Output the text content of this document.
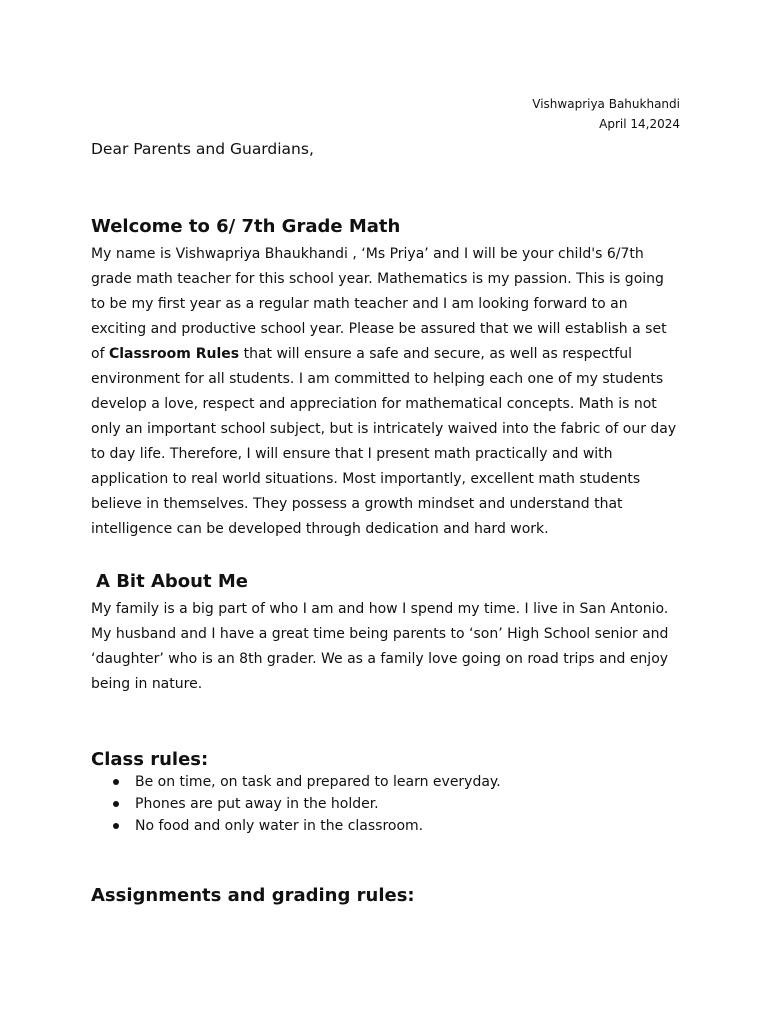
Vishwapriya Bahukhandi
April 14,2024
Dear Parents and Guardians,
Welcome to 6/ 7th Grade Math

My name is Vishwapriya Bhaukhandi , ‘Ms Priya’ and I will be your child's 6/7th grade math teacher for this school year. Mathematics is my passion. This is going to be my first year as a regular math teacher and I am looking forward to an exciting and productive school year. Please be assured that we will establish a set of Classroom Rules that will ensure a safe and secure, as well as respectful environment for all students. I am committed to helping each one of my students develop a love, respect and appreciation for mathematical concepts. Math is not only an important school subject, but is intricately waived into the fabric of our day to day life. Therefore, I will ensure that I present math practically and with application to real world situations. Most importantly, excellent math students believe in themselves. They possess a growth mindset and understand that intelligence can be developed through dedication and hard work.

A Bit About Me

My family is a big part of who I am and how I spend my time. I live in San Antonio. My husband and I have a great time being parents to ‘son’ High School senior and ‘daughter’ who is an 8th grader. We as a family love going on road trips and enjoy being in nature.

Class rules:
Be on time, on task and prepared to learn everyday.
Phones are put away in the holder.
No food and only water in the classroom.
Assignments and grading rules:
